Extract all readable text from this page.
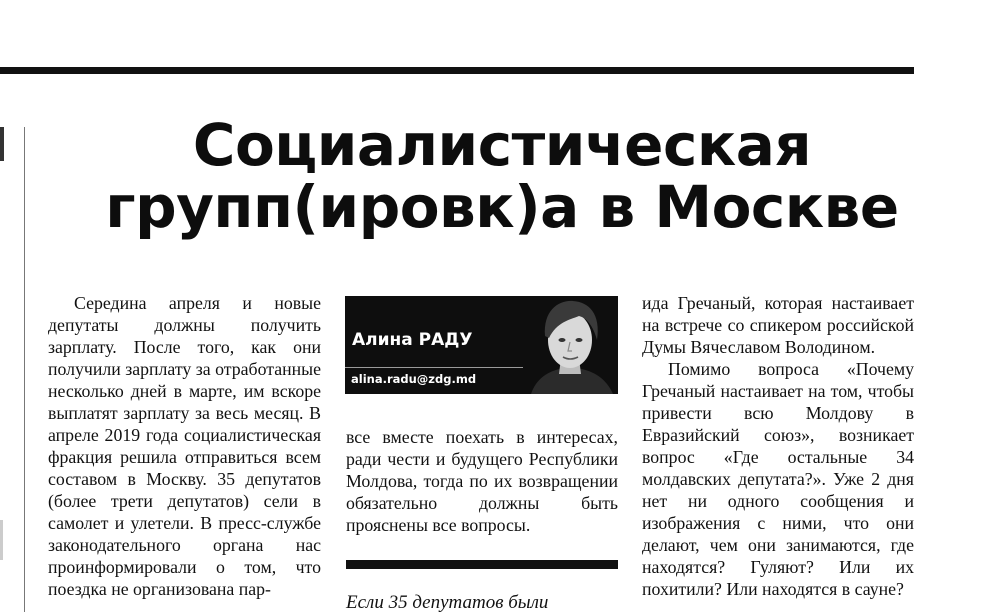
Социалистическая
групп(ировк)а в Москве

Середина апреля и новые депутаты должны получить зарплату. После того, как они получили зарплату за отработанные несколько дней в марте, им вскоре выплатят зарплату за весь месяц. В апреле 2019 года социалистическая фракция решила отправиться всем составом в Москву. 35 депутатов (более трети депутатов) сели в самолет и улетели. В пресс-службе законодательного органа нас проинформировали о том, что поездка не организована пар-

Алина РАДУ
alina.radu@zdg.md

все вместе поехать в интересах, ради чести и будущего Республики Молдова, тогда по их возвращении обязательно должны быть прояснены все вопросы.

Если 35 депутатов были

ида Гречаный, которая настаивает на встрече со спикером российской Думы Вячеславом Володином.

Помимо вопроса «Почему Гречаный настаивает на том, чтобы привести всю Молдову в Евразийский союз», возникает вопрос «Где остальные 34 молдавских депутата?». Уже 2 дня нет ни одного сообщения и изображения с ними, что они делают, чем они занимаются, где находятся? Гуляют? Или их похитили? Или находятся в сауне?
